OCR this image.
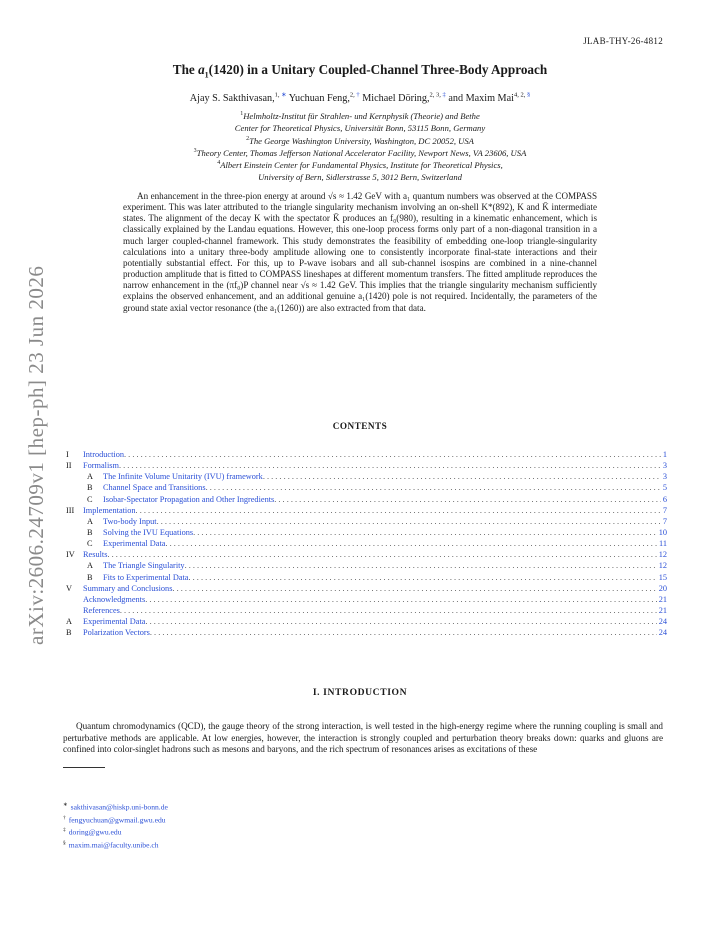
arXiv:2606.24709v1 [hep-ph] 23 Jun 2026
JLAB-THY-26-4812
The $a_1(1420)$ in a Unitary Coupled-Channel Three-Body Approach
Ajay S. Sakthivasan,$^{1, ∗}$ Yuchuan Feng,$^{2, \dagger}$ Michael Döring,$^{2, 3, \ddagger}$ and Maxim Mai$^{4, 2, \S}$
$^1$Helmholtz-Institut für Strahlen- und Kernphysik (Theorie) and Bethe
Center for Theoretical Physics, Universität Bonn, 53115 Bonn, Germany
$^2$The George Washington University, Washington, DC 20052, USA
$^3$Theory Center, Thomas Jefferson National Accelerator Facility, Newport News, VA 23606, USA
$^4$Albert Einstein Center for Fundamental Physics, Institute for Theoretical Physics,
University of Bern, Sidlerstrasse 5, 3012 Bern, Switzerland
An enhancement in the three-pion energy at around √s ≈ 1.42 GeV with a₁ quantum numbers was observed at the COMPASS experiment. This was later attributed to the triangle singularity mechanism involving an on-shell K*(892), K and K̄ intermediate states. The alignment of the decay K with the spectator K̄ produces an f₀(980), resulting in a kinematic enhancement, which is classically explained by the Landau equations. However, this one-loop process forms only part of a non-diagonal transition in a much larger coupled-channel framework. This study demonstrates the feasibility of embedding one-loop triangle-singularity calculations into a unitary three-body amplitude allowing one to consistently incorporate final-state interactions and their potentially substantial effect. For this, up to P-wave isobars and all sub-channel isospins are combined in a nine-channel production amplitude that is fitted to COMPASS lineshapes at different momentum transfers. The fitted amplitude reproduces the narrow enhancement in the (πf₀)P channel near √s ≈ 1.42 GeV. This implies that the triangle singularity mechanism sufficiently explains the observed enhancement, and an additional genuine a₁(1420) pole is not required. Incidentally, the parameters of the ground state axial vector resonance (the a₁(1260)) are also extracted from that data.
CONTENTS
I	Introduction . . .	1
II	Formalism . . .	3
A	The Infinite Volume Unitarity (IVU) framework . . .	3
B	Channel Space and Transitions . . .	5
C	Isobar-Spectator Propagation and Other Ingredients . . .	6
III	Implementation . . .	7
A	Two-body Input . . .	7
B	Solving the IVU Equations . . .	10
C	Experimental Data . . .	11
IV Results . . .	12
A	The Triangle Singularity . . .	12
B	Fits to Experimental Data . . .	15
V	Summary and Conclusions . . .	20
Acknowledgments . . .	21
References . . .	21
A	Experimental Data . . .	24
B	Polarization Vectors . . .	24
I. INTRODUCTION
Quantum chromodynamics (QCD), the gauge theory of the strong interaction, is well tested in the high-energy regime where the running coupling is small and perturbative methods are applicable. At low energies, however, the interaction is strongly coupled and perturbation theory breaks down: quarks and gluons are confined into color-singlet hadrons such as mesons and baryons, and the rich spectrum of resonances arises as excitations of these
∗ sakthivasan@hiskp.uni-bonn.de
† fengyuchuan@gwmail.gwu.edu
‡ doring@gwu.edu
§ maxim.mai@faculty.unibe.ch
